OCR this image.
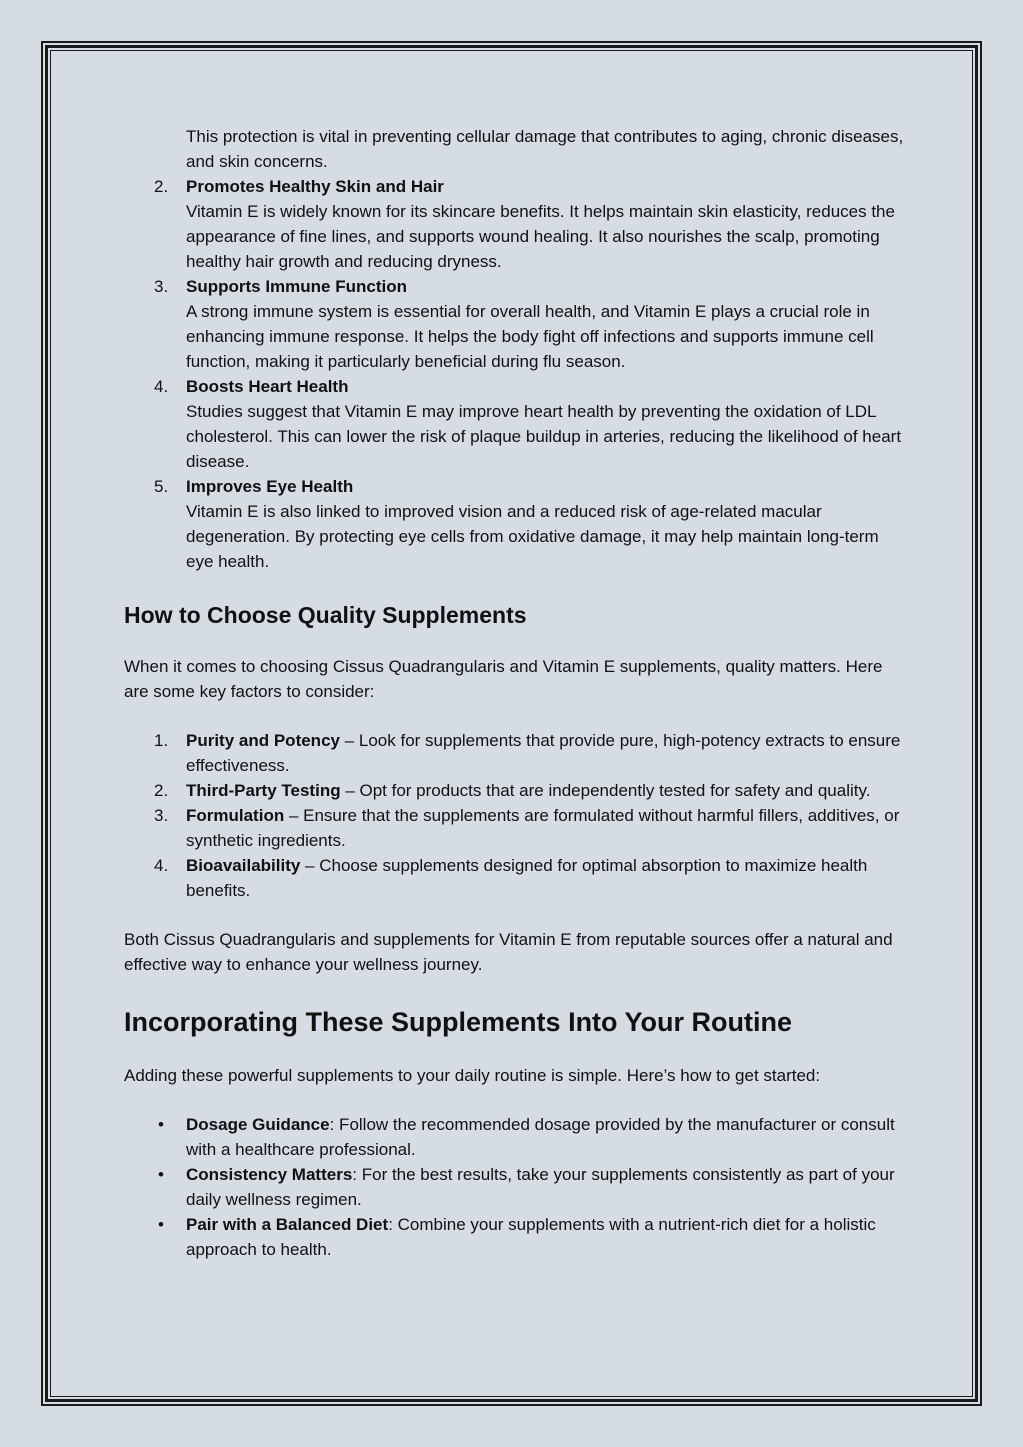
This protection is vital in preventing cellular damage that contributes to aging, chronic diseases, and skin concerns.

2. Promotes Healthy Skin and Hair
Vitamin E is widely known for its skincare benefits. It helps maintain skin elasticity, reduces the appearance of fine lines, and supports wound healing. It also nourishes the scalp, promoting healthy hair growth and reducing dryness.
3. Supports Immune Function
A strong immune system is essential for overall health, and Vitamin E plays a crucial role in enhancing immune response. It helps the body fight off infections and supports immune cell function, making it particularly beneficial during flu season.
4. Boosts Heart Health
Studies suggest that Vitamin E may improve heart health by preventing the oxidation of LDL cholesterol. This can lower the risk of plaque buildup in arteries, reducing the likelihood of heart disease.
5. Improves Eye Health
Vitamin E is also linked to improved vision and a reduced risk of age-related macular degeneration. By protecting eye cells from oxidative damage, it may help maintain long-term eye health.
How to Choose Quality Supplements

When it comes to choosing Cissus Quadrangularis and Vitamin E supplements, quality matters. Here are some key factors to consider:

1. Purity and Potency – Look for supplements that provide pure, high-potency extracts to ensure effectiveness.
2. Third-Party Testing – Opt for products that are independently tested for safety and quality.
3. Formulation – Ensure that the supplements are formulated without harmful fillers, additives, or synthetic ingredients.
4. Bioavailability – Choose supplements designed for optimal absorption to maximize health benefits.

Both Cissus Quadrangularis and supplements for Vitamin E from reputable sources offer a natural and effective way to enhance your wellness journey.

Incorporating These Supplements Into Your Routine

Adding these powerful supplements to your daily routine is simple. Here’s how to get started:

• Dosage Guidance: Follow the recommended dosage provided by the manufacturer or consult with a healthcare professional.
• Consistency Matters: For the best results, take your supplements consistently as part of your daily wellness regimen.
• Pair with a Balanced Diet: Combine your supplements with a nutrient-rich diet for a holistic approach to health.
